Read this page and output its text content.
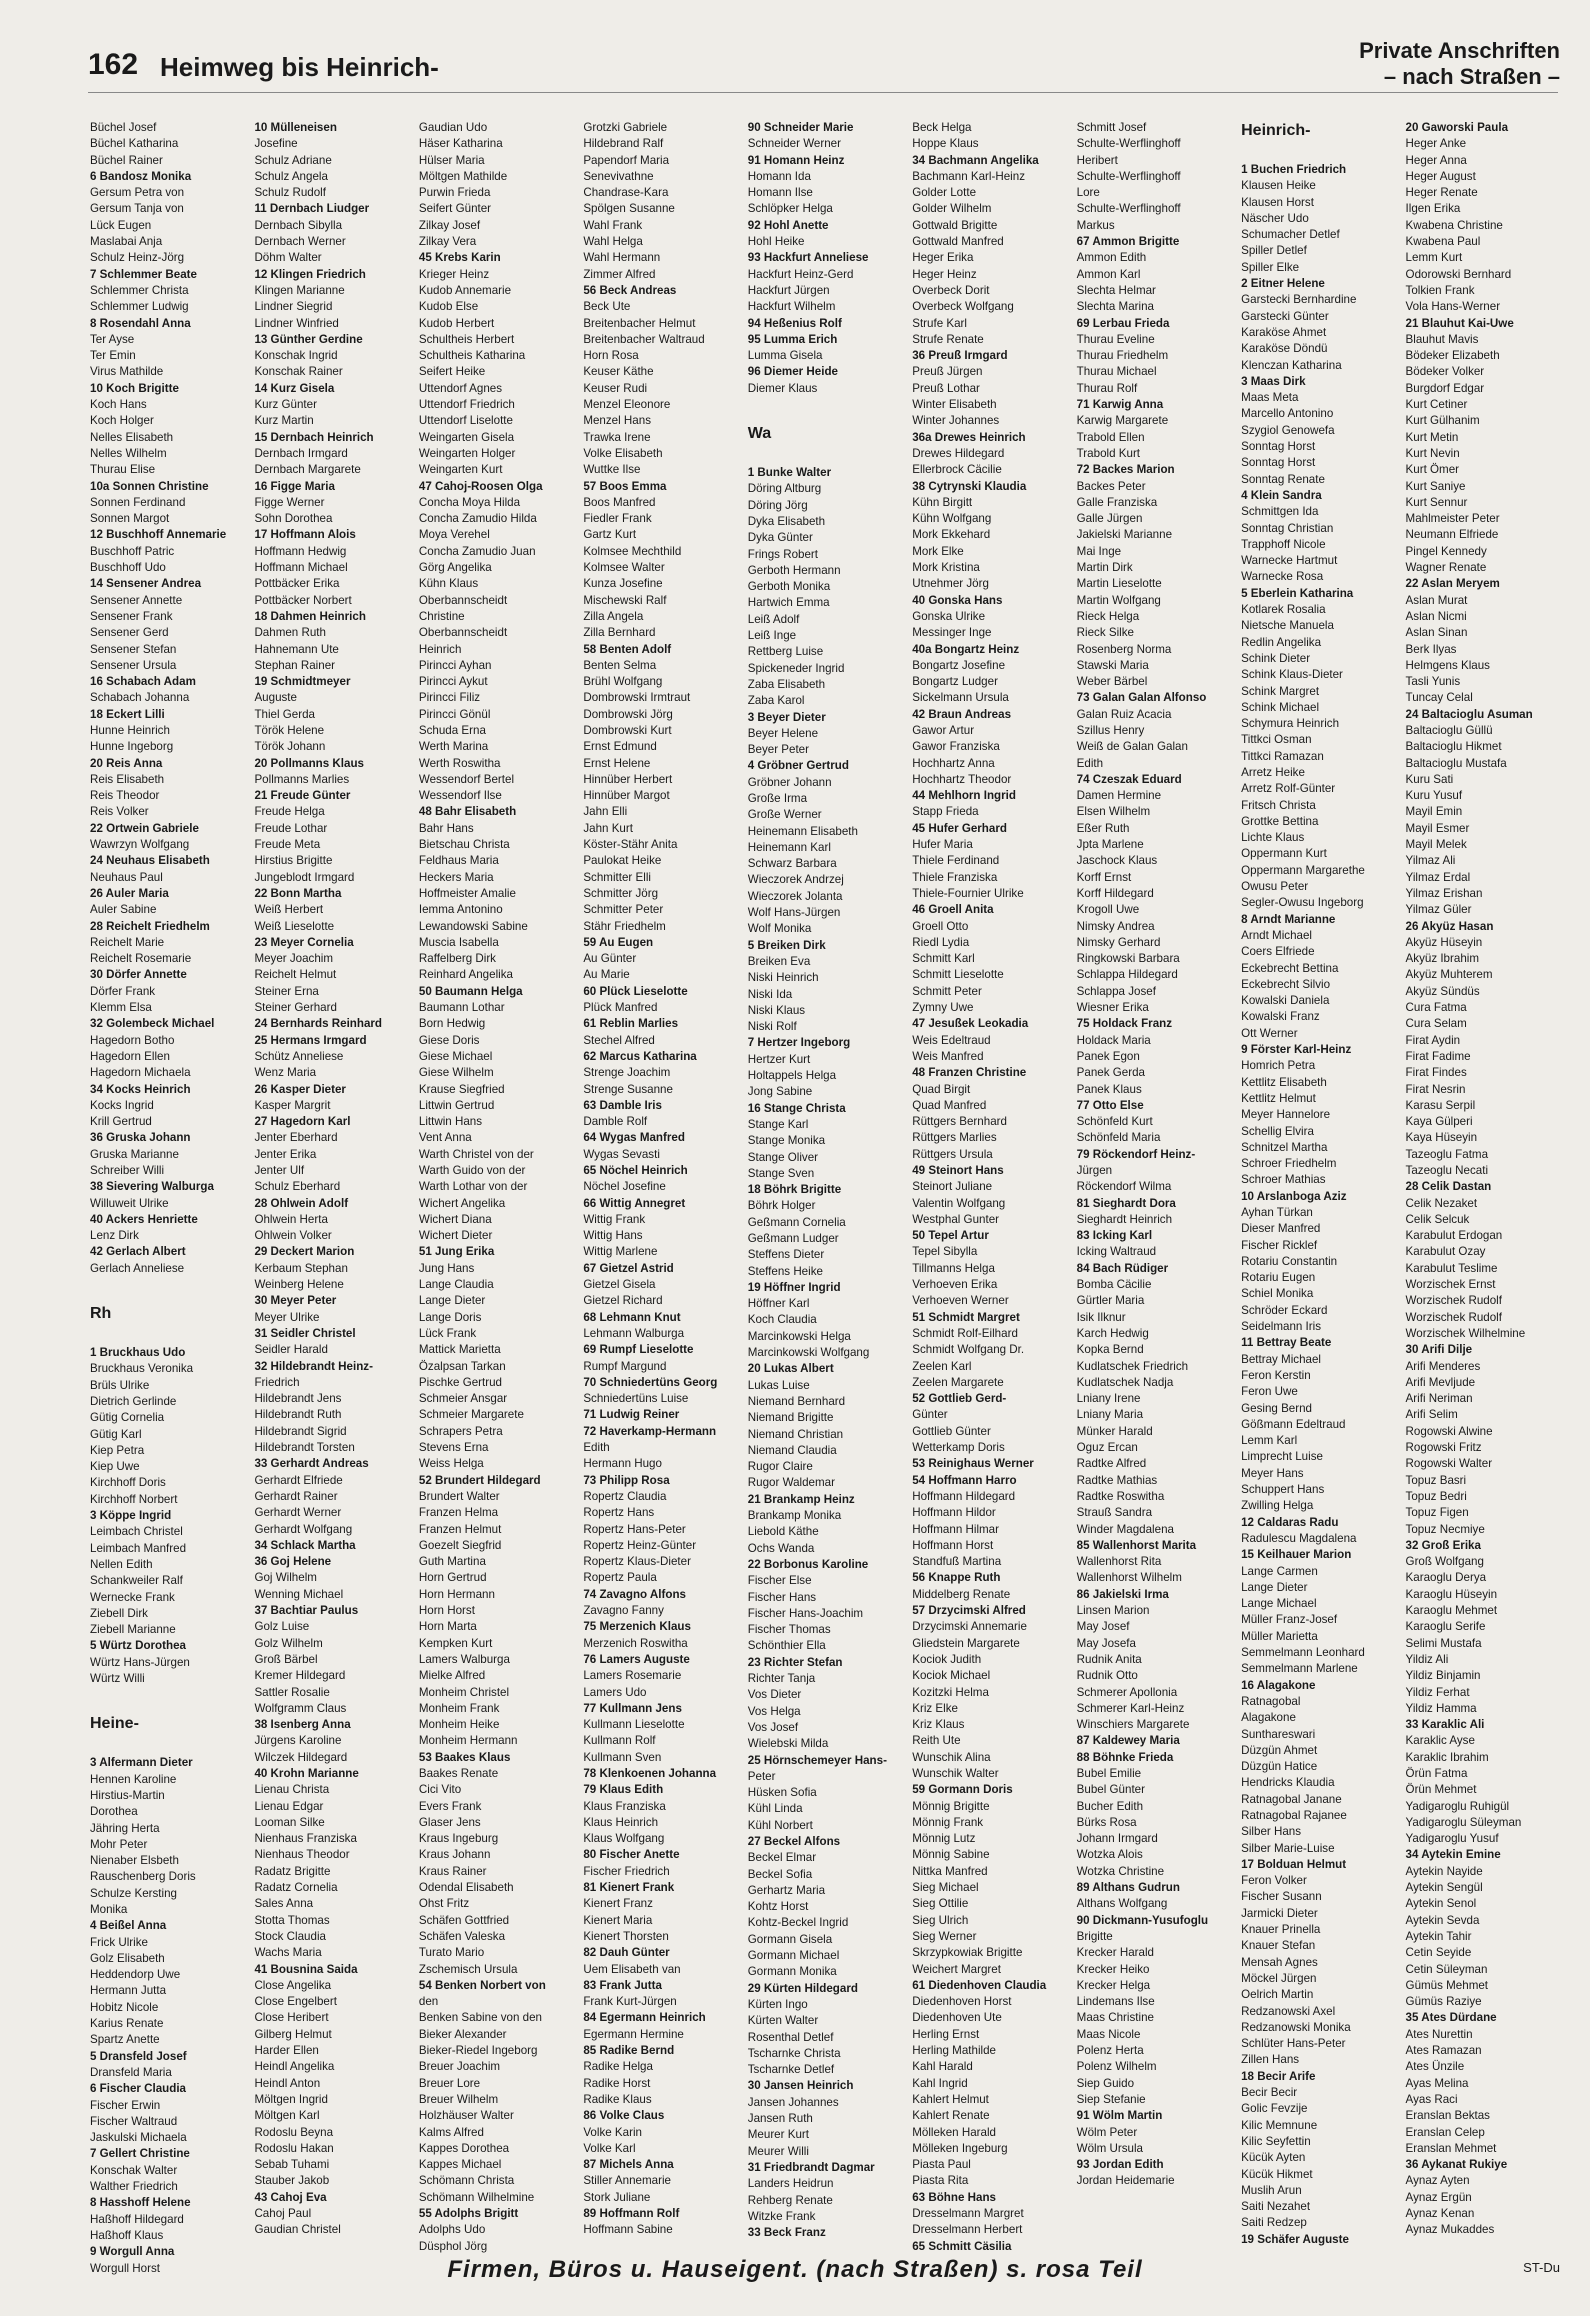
162 Heimweg bis Heinrich-
Private Anschriften
– nach Straßen –
Büchel Josef
Büchel Katharina
Büchel Rainer
6 Bandosz Monika
Gersum Petra von
Gersum Tanja von
Lück Eugen
Maslabai Anja
Schulz Heinz-Jörg
7 Schlemmer Beate
Schlemmer Christa
Schlemmer Ludwig
8 Rosendahl Anna
Ter Ayse
Ter Emin
Virus Mathilde
10 Koch Brigitte
Koch Hans
Koch Holger
Nelles Elisabeth
Nelles Wilhelm
Thurau Elise
10a Sonnen Christine
Sonnen Ferdinand
Sonnen Margot
12 Buschhoff Annemarie
Buschhoff Patric
Buschhoff Udo
14 Sensener Andrea
Sensener Annette
Sensener Frank
Sensener Gerd
Sensener Stefan
Sensener Ursula
16 Schabach Adam
Schabach Johanna
18 Eckert Lilli
Hunne Heinrich
Hunne Ingeborg
20 Reis Anna
Reis Elisabeth
Reis Theodor
Reis Volker
22 Ortwein Gabriele
Wawrzyn Wolfgang
24 Neuhaus Elisabeth
Neuhaus Paul
26 Auler Maria
Auler Sabine
28 Reichelt Friedhelm
Reichelt Marie
Reichelt Rosemarie
30 Dörfer Annette
Dörfer Frank
Klemm Elsa
32 Golembeck Michael
Hagedorn Botho
Hagedorn Ellen
Hagedorn Michaela
34 Kocks Heinrich
Kocks Ingrid
Krill Gertrud
36 Gruska Johann
Gruska Marianne
Schreiber Willi
38 Sievering Walburga
Willuweit Ulrike
40 Ackers Henriette
Lenz Dirk
42 Gerlach Albert
Gerlach Anneliese
Rh
1 Bruckhaus Udo
Bruckhaus Veronika
Brüls Ulrike
Dietrich Gerlinde
Gütig Cornelia
Gütig Karl
Kiep Petra
Kiep Uwe
Kirchhoff Doris
Kirchhoff Norbert
3 Köppe Ingrid
Leimbach Christel
Leimbach Manfred
Nellen Edith
Schankweiler Ralf
Wernecke Frank
Ziebell Dirk
Ziebell Marianne
5 Würtz Dorothea
Würtz Hans-Jürgen
Würtz Willi
Heine-
3 Alfermann Dieter
Hennen Karoline
Hirstius-Martin
Dorothea
Jähring Herta
Mohr Peter
Nienaber Elsbeth
Rauschenberg Doris
Schulze Kersting
Monika
4 Beißel Anna
Frick Ulrike
Golz Elisabeth
Heddendorp Uwe
Hermann Jutta
Hobitz Nicole
Karius Renate
Spartz Anette
5 Dransfeld Josef
Dransfeld Maria
6 Fischer Claudia
Fischer Erwin
Fischer Waltraud
Jaskulski Michaela
7 Gellert Christine
Konschak Walter
Walther Friedrich
8 Hasshoff Helene
Haßhoff Hildegard
Haßhoff Klaus
9 Worgull Anna
Worgull Horst
10 Mülleneisen
Josefine
Schulz Adriane
Schulz Angela
Schulz Rudolf
11 Dernbach Liudger
Dernbach Sibylla
Dernbach Werner
Döhm Walter
12 Klingen Friedrich
Klingen Marianne
Lindner Siegrid
Lindner Winfried
13 Günther Gerdine
Konschak Ingrid
Konschak Rainer
14 Kurz Gisela
Kurz Günter
Kurz Martin
15 Dernbach Heinrich
Dernbach Irmgard
Dernbach Margarete
16 Figge Maria
Figge Werner
Sohn Dorothea
17 Hoffmann Alois
Hoffmann Hedwig
Hoffmann Michael
Pottbäcker Erika
Pottbäcker Norbert
18 Dahmen Heinrich
Dahmen Ruth
Hahnemann Ute
Stephan Rainer
19 Schmidtmeyer
Auguste
Thiel Gerda
Török Helene
Török Johann
20 Pollmanns Klaus
Pollmanns Marlies
21 Freude Günter
Freude Helga
Freude Lothar
Freude Meta
Hirstius Brigitte
Jungeblodt Irmgard
22 Bonn Martha
Weiß Herbert
Weiß Lieselotte
23 Meyer Cornelia
Meyer Joachim
Reichelt Helmut
Steiner Erna
Steiner Gerhard
24 Bernhards Reinhard
25 Hermans Irmgard
Schütz Anneliese
Wenz Maria
26 Kasper Dieter
Kasper Margrit
27 Hagedorn Karl
Jenter Eberhard
Jenter Erika
Jenter Ulf
Schulz Eberhard
28 Ohlwein Adolf
Ohlwein Herta
Ohlwein Volker
29 Deckert Marion
Kerbaum Stephan
Weinberg Helene
30 Meyer Peter
Meyer Ulrike
31 Seidler Christel
Seidler Harald
32 Hildebrandt Heinz-
Friedrich
Hildebrandt Jens
Hildebrandt Ruth
Hildebrandt Sigrid
Hildebrandt Torsten
33 Gerhardt Andreas
Gerhardt Elfriede
Gerhardt Rainer
Gerhardt Werner
Gerhardt Wolfgang
34 Schlack Martha
36 Goj Helene
Goj Wilhelm
Wenning Michael
37 Bachtiar Paulus
Golz Luise
Golz Wilhelm
Groß Bärbel
Kremer Hildegard
Sattler Rosalie
Wolfgramm Claus
38 Isenberg Anna
Jürgens Karoline
Wilczek Hildegard
40 Krohn Marianne
Lienau Christa
Lienau Edgar
Looman Silke
Nienhaus Franziska
Nienhaus Theodor
Radatz Brigitte
Radatz Cornelia
Sales Anna
Stotta Thomas
Stock Claudia
Wachs Maria
41 Bousnina Saida
Close Angelika
Close Engelbert
Close Heribert
Gilberg Helmut
Harder Ellen
Heindl Angelika
Heindl Anton
Möltgen Ingrid
Möltgen Karl
Rodoslu Beyna
Rodoslu Hakan
Sebab Tuhami
Stauber Jakob
43 Cahoj Eva
Cahoj Paul
Gaudian Christel
Gaudian Udo
Häser Katharina
Hülser Maria
Möltgen Mathilde
Purwin Frieda
Seifert Günter
Zilkay Josef
Zilkay Vera
45 Krebs Karin
Krieger Heinz
Kudob Annemarie
Kudob Else
Kudob Herbert
Schultheis Herbert
Schultheis Katharina
Seifert Heike
Uttendorf Agnes
Uttendorf Friedrich
Uttendorf Liselotte
Weingarten Gisela
Weingarten Holger
Weingarten Kurt
47 Cahoj-Roosen Olga
Concha Moya Hilda
Concha Zamudio Hilda
Moya Verehel
Concha Zamudio Juan
Görg Angelika
Kühn Klaus
Oberbannscheidt
Christine
Oberbannscheidt
Heinrich
Pirincci Ayhan
Pirincci Aykut
Pirincci Filiz
Pirincci Gönül
Schuda Erna
Werth Marina
Werth Roswitha
Wessendorf Bertel
Wessendorf Ilse
48 Bahr Elisabeth
Bahr Hans
Bietschau Christa
Feldhaus Maria
Heckers Maria
Hoffmeister Amalie
Iemma Antonino
Lewandowski Sabine
Muscia Isabella
Raffelberg Dirk
Reinhard Angelika
50 Baumann Helga
Baumann Lothar
Born Hedwig
Giese Doris
Giese Michael
Giese Wilhelm
Krause Siegfried
Littwin Gertrud
Littwin Hans
Vent Anna
Warth Christel von der
Warth Guido von der
Warth Lothar von der
Wichert Angelika
Wichert Diana
Wichert Dieter
51 Jung Erika
Jung Hans
Lange Claudia
Lange Dieter
Lange Doris
Lück Frank
Mattick Marietta
Özalpsan Tarkan
Pischke Gertrud
Schmeier Ansgar
Schmeier Margarete
Schrapers Petra
Stevens Erna
Weiss Helga
52 Brundert Hildegard
Brundert Walter
Franzen Helma
Franzen Helmut
Goezelt Siegfrid
Guth Martina
Horn Gertrud
Horn Hermann
Horn Horst
Horn Marta
Kempken Kurt
Lamers Walburga
Mielke Alfred
Monheim Christel
Monheim Frank
Monheim Heike
Monheim Hermann
53 Baakes Klaus
Baakes Renate
Cici Vito
Evers Frank
Glaser Jens
Kraus Ingeburg
Kraus Johann
Kraus Rainer
Odendal Elisabeth
Ohst Fritz
Schäfen Gottfried
Schäfen Valeska
Turato Mario
Zschemisch Ursula
54 Benken Norbert von
den
Benken Sabine von den
Bieker Alexander
Bieker-Riedel Ingeborg
Breuer Joachim
Breuer Lore
Breuer Wilhelm
Holzhäuser Walter
Kalms Alfred
Kappes Dorothea
Kappes Michael
Schömann Christa
Schömann Wilhelmine
55 Adolphs Brigitt
Adolphs Udo
Düsphol Jörg
Grotzki Gabriele
Hildebrand Ralf
Papendorf Maria
Senevivathne
Chandrase-Kara
Spölgen Susanne
Wahl Frank
Wahl Helga
Wahl Hermann
Zimmer Alfred
56 Beck Andreas
Beck Ute
Breitenbacher Helmut
Breitenbacher Waltraud
Horn Rosa
Keuser Käthe
Keuser Rudi
Menzel Eleonore
Menzel Hans
Trawka Irene
Volke Elisabeth
Wuttke Ilse
57 Boos Emma
Boos Manfred
Fiedler Frank
Gartz Kurt
Kolmsee Mechthild
Kolmsee Walter
Kunza Josefine
Mischewski Ralf
Zilla Angela
Zilla Bernhard
58 Benten Adolf
Benten Selma
Brühl Wolfgang
Dombrowski Irmtraut
Dombrowski Jörg
Dombrowski Kurt
Ernst Edmund
Ernst Helene
Hinnüber Herbert
Hinnüber Margot
Jahn Elli
Jahn Kurt
Köster-Stähr Anita
Paulokat Heike
Schmitter Elli
Schmitter Jörg
Schmitter Peter
Stähr Friedhelm
59 Au Eugen
Au Günter
Au Marie
60 Plück Lieselotte
Plück Manfred
61 Reblin Marlies
Stechel Alfred
62 Marcus Katharina
Strenge Joachim
Strenge Susanne
63 Damble Iris
Damble Rolf
64 Wygas Manfred
Wygas Sevasti
65 Nöchel Heinrich
Nöchel Josefine
66 Wittig Annegret
Wittig Frank
Wittig Hans
Wittig Marlene
67 Gietzel Astrid
Gietzel Gisela
Gietzel Richard
68 Lehmann Knut
Lehmann Walburga
69 Rumpf Lieselotte
Rumpf Margund
70 Schniedertüns Georg
Schniedertüns Luise
71 Ludwig Reiner
72 Haverkamp-Hermann
Edith
Hermann Hugo
73 Philipp Rosa
Ropertz Claudia
Ropertz Hans
Ropertz Hans-Peter
Ropertz Heinz-Günter
Ropertz Klaus-Dieter
Ropertz Paula
74 Zavagno Alfons
Zavagno Fanny
75 Merzenich Klaus
Merzenich Roswitha
76 Lamers Auguste
Lamers Rosemarie
Lamers Udo
77 Kullmann Jens
Kullmann Lieselotte
Kullmann Rolf
Kullmann Sven
78 Klenkoenen Johanna
79 Klaus Edith
Klaus Franziska
Klaus Heinrich
Klaus Wolfgang
80 Fischer Anette
Fischer Friedrich
81 Kienert Frank
Kienert Franz
Kienert Maria
Kienert Thorsten
82 Dauh Günter
Uem Elisabeth van
83 Frank Jutta
Frank Kurt-Jürgen
84 Egermann Heinrich
Egermann Hermine
85 Radike Bernd
Radike Helga
Radike Horst
Radike Klaus
86 Volke Claus
Volke Karin
Volke Karl
87 Michels Anna
Stiller Annemarie
Stork Juliane
89 Hoffmann Rolf
Hoffmann Sabine
90 Schneider Marie
Schneider Werner
91 Homann Heinz
Homann Ida
Homann Ilse
Schlöpker Helga
92 Hohl Anette
Hohl Heike
93 Hackfurt Anneliese
Hackfurt Heinz-Gerd
Hackfurt Jürgen
Hackfurt Wilhelm
94 Heßenius Rolf
95 Lumma Erich
Lumma Gisela
96 Diemer Heide
Diemer Klaus
Wa
1 Bunke Walter
Döring Altburg
Döring Jörg
Dyka Elisabeth
Dyka Günter
Frings Robert
Gerboth Hermann
Gerboth Monika
Hartwich Emma
Leiß Adolf
Leiß Inge
Rettberg Luise
Spickeneder Ingrid
Zaba Elisabeth
Zaba Karol
3 Beyer Dieter
Beyer Helene
Beyer Peter
4 Gröbner Gertrud
Gröbner Johann
Große Irma
Große Werner
Heinemann Elisabeth
Heinemann Karl
Schwarz Barbara
Wieczorek Andrzej
Wieczorek Jolanta
Wolf Hans-Jürgen
Wolf Monika
5 Breiken Dirk
Breiken Eva
Niski Heinrich
Niski Ida
Niski Klaus
Niski Rolf
7 Hertzer Ingeborg
Hertzer Kurt
Holtappels Helga
Jong Sabine
16 Stange Christa
Stange Karl
Stange Monika
Stange Oliver
Stange Sven
18 Böhrk Brigitte
Böhrk Holger
Geßmann Cornelia
Geßmann Ludger
Steffens Dieter
Steffens Heike
19 Höffner Ingrid
Höffner Karl
Koch Claudia
Marcinkowski Helga
Marcinkowski Wolfgang
20 Lukas Albert
Lukas Luise
Niemand Bernhard
Niemand Brigitte
Niemand Christian
Niemand Claudia
Rugor Claire
Rugor Waldemar
21 Brankamp Heinz
Brankamp Monika
Liebold Käthe
Ochs Wanda
22 Borbonus Karoline
Fischer Else
Fischer Hans
Fischer Hans-Joachim
Fischer Thomas
Schönthier Ella
23 Richter Stefan
Richter Tanja
Vos Dieter
Vos Helga
Vos Josef
Wielebski Milda
25 Hörnschemeyer Hans-
Peter
Hüsken Sofia
Kühl Linda
Kühl Norbert
27 Beckel Alfons
Beckel Elmar
Beckel Sofia
Gerhartz Maria
Kohtz Horst
Kohtz-Beckel Ingrid
Gormann Gisela
Gormann Michael
Gormann Monika
29 Kürten Hildegard
Kürten Ingo
Kürten Walter
Rosenthal Detlef
Tscharnke Christa
Tscharnke Detlef
30 Jansen Heinrich
Jansen Johannes
Jansen Ruth
Meurer Kurt
Meurer Willi
31 Friedbrandt Dagmar
Landers Heidrun
Rehberg Renate
Witzke Frank
33 Beck Franz
Beck Helga
Hoppe Klaus
34 Bachmann Angelika
Bachmann Karl-Heinz
Golder Lotte
Golder Wilhelm
Gottwald Brigitte
Gottwald Manfred
Heger Erika
Heger Heinz
Overbeck Dorit
Overbeck Wolfgang
Strufe Karl
Strufe Renate
36 Preuß Irmgard
Preuß Jürgen
Preuß Lothar
Winter Elisabeth
Winter Johannes
36a Drewes Heinrich
Drewes Hildegard
Ellerbrock Cäcilie
38 Cytrynski Klaudia
Kühn Birgitt
Kühn Wolfgang
Mork Ekkehard
Mork Elke
Mork Kristina
Utnehmer Jörg
40 Gonska Hans
Gonska Ulrike
Messinger Inge
40a Bongartz Heinz
Bongartz Josefine
Bongartz Ludger
Sickelmann Ursula
42 Braun Andreas
Gawor Artur
Gawor Franziska
Hochhartz Anna
Hochhartz Theodor
44 Mehlhorn Ingrid
Stapp Frieda
45 Hufer Gerhard
Hufer Maria
Thiele Ferdinand
Thiele Franziska
Thiele-Fournier Ulrike
46 Groell Anita
Groell Otto
Riedl Lydia
Schmitt Karl
Schmitt Lieselotte
Schmitt Peter
Zymny Uwe
47 Jesußek Leokadia
Weis Edeltraud
Weis Manfred
48 Franzen Christine
Quad Birgit
Quad Manfred
Rüttgers Bernhard
Rüttgers Marlies
Rüttgers Ursula
49 Steinort Hans
Steinort Juliane
Valentin Wolfgang
Westphal Gunter
50 Tepel Artur
Tepel Sibylla
Tillmanns Helga
Verhoeven Erika
Verhoeven Werner
51 Schmidt Margret
Schmidt Rolf-Eilhard
Schmidt Wolfgang Dr.
Zeelen Karl
Zeelen Margarete
52 Gottlieb Gerd-
Günter
Gottlieb Günter
Wetterkamp Doris
53 Reinighaus Werner
54 Hoffmann Harro
Hoffmann Hildegard
Hoffmann Hildor
Hoffmann Hilmar
Hoffmann Horst
Standfuß Martina
56 Knappe Ruth
Middelberg Renate
57 Drzycimski Alfred
Drzycimski Annemarie
Gliedstein Margarete
Kociok Judith
Kociok Michael
Kozitzki Helma
Kriz Elke
Kriz Klaus
Reith Ute
Wunschik Alina
Wunschik Walter
59 Gormann Doris
Mönnig Brigitte
Mönnig Frank
Mönnig Lutz
Mönnig Sabine
Nittka Manfred
Sieg Michael
Sieg Ottilie
Sieg Ulrich
Sieg Werner
Skrzypkowiak Brigitte
Weichert Margret
61 Diedenhoven Claudia
Diedenhoven Horst
Diedenhoven Ute
Herling Ernst
Herling Mathilde
Kahl Harald
Kahl Ingrid
Kahlert Helmut
Kahlert Renate
Mölleken Harald
Mölleken Ingeburg
Piasta Paul
Piasta Rita
63 Böhne Hans
Dresselmann Margret
Dresselmann Herbert
65 Schmitt Cäsilia
Schmitt Josef
Schulte-Werflinghoff
Heribert
Schulte-Werflinghoff
Lore
Schulte-Werflinghoff
Markus
67 Ammon Brigitte
Ammon Edith
Ammon Karl
Slechta Helmar
Slechta Marina
69 Lerbau Frieda
Thurau Eveline
Thurau Friedhelm
Thurau Michael
Thurau Rolf
71 Karwig Anna
Karwig Margarete
Trabold Ellen
Trabold Kurt
72 Backes Marion
Backes Peter
Galle Franziska
Galle Jürgen
Jakielski Marianne
Mai Inge
Martin Dirk
Martin Lieselotte
Martin Wolfgang
Rieck Helga
Rieck Silke
Rosenberg Norma
Stawski Maria
Weber Bärbel
73 Galan Galan Alfonso
Galan Ruiz Acacia
Szillus Henry
Weiß de Galan Galan
Edith
74 Czeszak Eduard
Damen Hermine
Elsen Wilhelm
Eßer Ruth
Jpta Marlene
Jaschock Klaus
Korff Ernst
Korff Hildegard
Krogoll Uwe
Nimsky Andrea
Nimsky Gerhard
Ringkowski Barbara
Schlappa Hildegard
Schlappa Josef
Wiesner Erika
75 Holdack Franz
Holdack Maria
Panek Egon
Panek Gerda
Panek Klaus
77 Otto Else
Schönfeld Kurt
Schönfeld Maria
79 Röckendorf Heinz-
Jürgen
Röckendorf Wilma
81 Sieghardt Dora
Sieghardt Heinrich
83 Icking Karl
Icking Waltraud
84 Bach Rüdiger
Bomba Cäcilie
Gürtler Maria
Isik Ilknur
Karch Hedwig
Kopka Bernd
Kudlatschek Friedrich
Kudlatschek Nadja
Lniany Irene
Lniany Maria
Münker Harald
Oguz Ercan
Radtke Alfred
Radtke Mathias
Radtke Roswitha
Strauß Sandra
Winder Magdalena
85 Wallenhorst Marita
Wallenhorst Rita
Wallenhorst Wilhelm
86 Jakielski Irma
Linsen Marion
May Josef
May Josefa
Rudnik Anita
Rudnik Otto
Schmerer Apollonia
Schmerer Karl-Heinz
Winschiers Margarete
87 Kaldewey Maria
88 Böhnke Frieda
Bubel Emilie
Bubel Günter
Bucher Edith
Bürks Rosa
Johann Irmgard
Wotzka Alois
Wotzka Christine
89 Althans Gudrun
Althans Wolfgang
90 Dickmann-Yusufoglu
Brigitte
Krecker Harald
Krecker Heiko
Krecker Helga
Lindemans Ilse
Maas Christine
Maas Nicole
Polenz Herta
Polenz Wilhelm
Siep Guido
Siep Stefanie
91 Wölm Martin
Wölm Peter
Wölm Ursula
93 Jordan Edith
Jordan Heidemarie
Heinrich-
1 Buchen Friedrich
Klausen Heike
Klausen Horst
Näscher Udo
Schumacher Detlef
Spiller Detlef
Spiller Elke
2 Eitner Helene
Garstecki Bernhardine
Garstecki Günter
Karaköse Ahmet
Karaköse Döndü
Klenczan Katharina
3 Maas Dirk
Maas Meta
Marcello Antonino
Szygiol Genowefa
Sonntag Horst
Sonntag Horst
Sonntag Renate
4 Klein Sandra
Schmittgen Ida
Sonntag Christian
Trapphoff Nicole
Warnecke Hartmut
Warnecke Rosa
5 Eberlein Katharina
Kotlarek Rosalia
Nietsche Manuela
Redlin Angelika
Schink Dieter
Schink Klaus-Dieter
Schink Margret
Schink Michael
Schymura Heinrich
Tittkci Osman
Tittkci Ramazan
Arretz Heike
Arretz Rolf-Günter
Fritsch Christa
Grottke Bettina
Lichte Klaus
Oppermann Kurt
Oppermann Margarethe
Owusu Peter
Segler-Owusu Ingeborg
8 Arndt Marianne
Arndt Michael
Coers Elfriede
Eckebrecht Bettina
Eckebrecht Silvio
Kowalski Daniela
Kowalski Franz
Ott Werner
9 Förster Karl-Heinz
Homrich Petra
Kettlitz Elisabeth
Kettlitz Helmut
Meyer Hannelore
Schellig Elvira
Schnitzel Martha
Schroer Friedhelm
Schroer Mathias
10 Arslanboga Aziz
Ayhan Türkan
Dieser Manfred
Fischer Ricklef
Rotariu Constantin
Rotariu Eugen
Schiel Monika
Schröder Eckard
Seidelmann Iris
11 Bettray Beate
Bettray Michael
Feron Kerstin
Feron Uwe
Gesing Bernd
Gößmann Edeltraud
Lemm Karl
Limprecht Luise
Meyer Hans
Schuppert Hans
Zwilling Helga
12 Caldaras Radu
Radulescu Magdalena
15 Keilhauer Marion
Lange Carmen
Lange Dieter
Lange Michael
Müller Franz-Josef
Müller Marietta
Semmelmann Leonhard
Semmelmann Marlene
16 Alagakone
Ratnagobal
Alagakone
Sunthareswari
Düzgün Ahmet
Düzgün Hatice
Hendricks Klaudia
Ratnagobal Janane
Ratnagobal Rajanee
Silber Hans
Silber Marie-Luise
17 Bolduan Helmut
Feron Volker
Fischer Susann
Jarmicki Dieter
Knauer Prinella
Knauer Stefan
Mensah Agnes
Möckel Jürgen
Oelrich Martin
Redzanowski Axel
Redzanowski Monika
Schlüter Hans-Peter
Zillen Hans
18 Becir Arife
Becir Becir
Golic Fevzije
Kilic Memnune
Kilic Seyfettin
Kücük Ayten
Kücük Hikmet
Muslih Arun
Saiti Nezahet
Saiti Redzep
19 Schäfer Auguste
20 Gaworski Paula
Heger Anke
Heger Anna
Heger August
Heger Renate
Ilgen Erika
Kwabena Christine
Kwabena Paul
Lemm Kurt
Odorowski Bernhard
Tolkien Frank
Vola Hans-Werner
21 Blauhut Kai-Uwe
Blauhut Mavis
Bödeker Elizabeth
Bödeker Volker
Burgdorf Edgar
Kurt Cetiner
Kurt Gülhanim
Kurt Metin
Kurt Nevin
Kurt Ömer
Kurt Saniye
Kurt Sennur
Mahlmeister Peter
Neumann Elfriede
Pingel Kennedy
Wagner Renate
22 Aslan Meryem
Aslan Murat
Aslan Nicmi
Aslan Sinan
Berk Ilyas
Helmgens Klaus
Tasli Yunis
Tuncay Celal
24 Baltacioglu Asuman
Baltacioglu Güllü
Baltacioglu Hikmet
Baltacioglu Mustafa
Kuru Sati
Kuru Yusuf
Mayil Emin
Mayil Esmer
Mayil Melek
Yilmaz Ali
Yilmaz Erdal
Yilmaz Erishan
Yilmaz Güler
26 Akyüz Hasan
Akyüz Hüseyin
Akyüz Ibrahim
Akyüz Muhterem
Akyüz Sündüs
Cura Fatma
Cura Selam
Firat Aydin
Firat Fadime
Firat Findes
Firat Nesrin
Karasu Serpil
Kaya Gülperi
Kaya Hüseyin
Tazeoglu Fatma
Tazeoglu Necati
28 Celik Dastan
Celik Nezaket
Celik Selcuk
Karabulut Erdogan
Karabulut Ozay
Karabulut Teslime
Worzischek Ernst
Worzischek Rudolf
Worzischek Rudolf
Worzischek Wilhelmine
30 Arifi Dilje
Arifi Menderes
Arifi Mevljude
Arifi Neriman
Arifi Selim
Rogowski Alwine
Rogowski Fritz
Rogowski Walter
Topuz Basri
Topuz Bedri
Topuz Figen
Topuz Necmiye
32 Groß Erika
Groß Wolfgang
Karaoglu Derya
Karaoglu Hüseyin
Karaoglu Mehmet
Karaoglu Serife
Selimi Mustafa
Yildiz Ali
Yildiz Binjamin
Yildiz Ferhat
Yildiz Hamma
33 Karaklic Ali
Karaklic Ayse
Karaklic Ibrahim
Örün Fatma
Örün Mehmet
Yadigaroglu Ruhigül
Yadigaroglu Süleyman
Yadigaroglu Yusuf
34 Aytekin Emine
Aytekin Nayide
Aytekin Sengül
Aytekin Senol
Aytekin Sevda
Aytekin Tahir
Cetin Seyide
Cetin Süleyman
Gümüs Mehmet
Gümüs Raziye
35 Ates Dürdane
Ates Nurettin
Ates Ramazan
Ates Ünzile
Ayas Melina
Ayas Raci
Eranslan Bektas
Eranslan Celep
Eranslan Mehmet
36 Aykanat Rukiye
Aynaz Ayten
Aynaz Ergün
Aynaz Kenan
Aynaz Mukaddes
Firmen, Büros u. Hauseigent. (nach Straßen) s. rosa Teil	ST-Du
